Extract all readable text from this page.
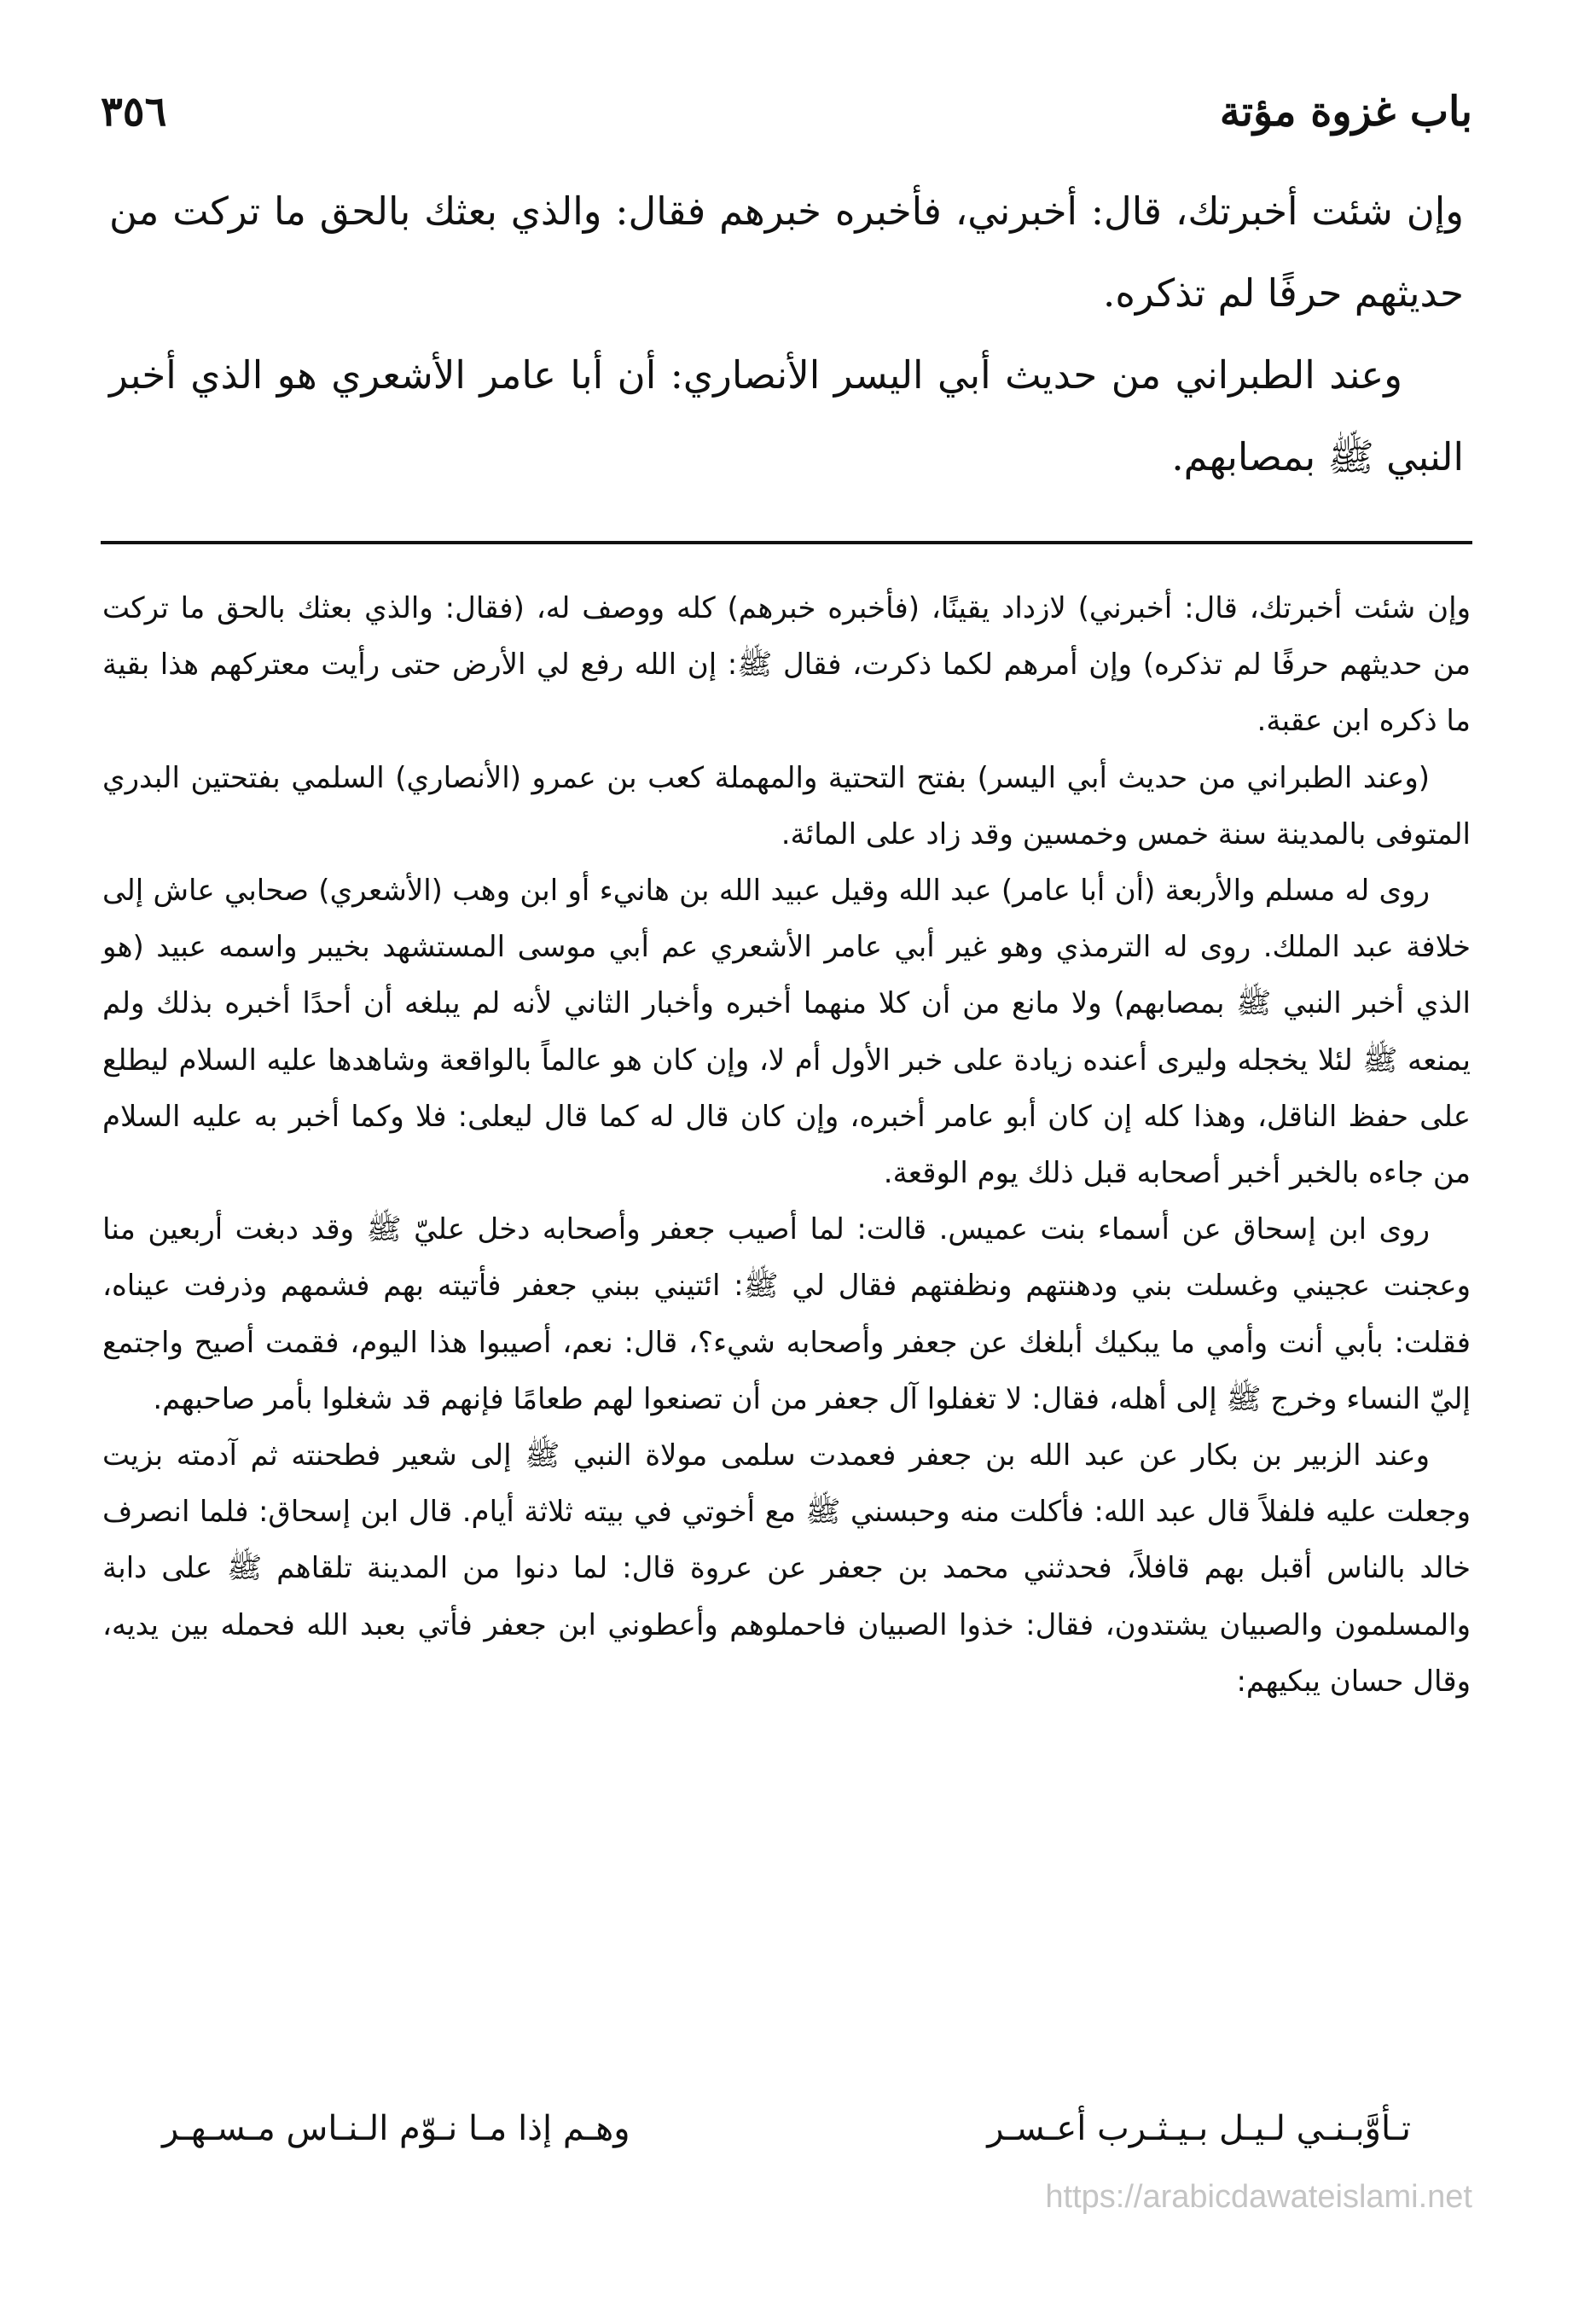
٣٥٦	باب غزوة مؤتة

وإن شئت أخبرتك، قال: أخبرني، فأخبره خبرهم فقال: والذي بعثك بالحق ما تركت من حديثهم حرفًا لم تذكره.

وعند الطبراني من حديث أبي اليسر الأنصاري: أن أبا عامر الأشعري هو الذي أخبر النبي ﷺ بمصابهم.

وإن شئت أخبرتك، قال: أخبرني) لازداد يقينًا، (فأخبره خبرهم) كله ووصف له، (فقال: والذي بعثك بالحق ما تركت من حديثهم حرفًا لم تذكره) وإن أمرهم لكما ذكرت، فقال ﷺ: إن الله رفع لي الأرض حتى رأيت معتركهم هذا بقية ما ذكره ابن عقبة.

(وعند الطبراني من حديث أبي اليسر) بفتح التحتية والمهملة كعب بن عمرو (الأنصاري) السلمي بفتحتين البدري المتوفى بالمدينة سنة خمس وخمسين وقد زاد على المائة.

روى له مسلم والأربعة (أن أبا عامر) عبد الله وقيل عبيد الله بن هانيء أو ابن وهب (الأشعري) صحابي عاش إلى خلافة عبد الملك. روى له الترمذي وهو غير أبي عامر الأشعري عم أبي موسى المستشهد بخيبر واسمه عبيد (هو الذي أخبر النبي ﷺ بمصابهم) ولا مانع من أن كلا منهما أخبره وأخبار الثاني لأنه لم يبلغه أن أحدًا أخبره بذلك ولم يمنعه ﷺ لئلا يخجله وليرى أعنده زيادة على خبر الأول أم لا، وإن كان هو عالماً بالواقعة وشاهدها عليه السلام ليطلع على حفظ الناقل، وهذا كله إن كان أبو عامر أخبره، وإن كان قال له كما قال ليعلى: فلا وكما أخبر به عليه السلام من جاءه بالخبر أخبر أصحابه قبل ذلك يوم الوقعة.

روى ابن إسحاق عن أسماء بنت عميس. قالت: لما أصيب جعفر وأصحابه دخل عليّ ﷺ وقد دبغت أربعين منا وعجنت عجيني وغسلت بني ودهنتهم ونظفتهم فقال لي ﷺ: ائتيني ببني جعفر فأتيته بهم فشمهم وذرفت عيناه، فقلت: بأبي أنت وأمي ما يبكيك أبلغك عن جعفر وأصحابه شيء؟، قال: نعم، أصيبوا هذا اليوم، فقمت أصيح واجتمع إليّ النساء وخرج ﷺ إلى أهله، فقال: لا تغفلوا آل جعفر من أن تصنعوا لهم طعامًا فإنهم قد شغلوا بأمر صاحبهم.

وعند الزبير بن بكار عن عبد الله بن جعفر فعمدت سلمى مولاة النبي ﷺ إلى شعير فطحنته ثم آدمته بزيت وجعلت عليه فلفلاً قال عبد الله: فأكلت منه وحبسني ﷺ مع أخوتي في بيته ثلاثة أيام. قال ابن إسحاق: فلما انصرف خالد بالناس أقبل بهم قافلاً، فحدثني محمد بن جعفر عن عروة قال: لما دنوا من المدينة تلقاهم ﷺ على دابة والمسلمون والصبيان يشتدون، فقال: خذوا الصبيان فاحملوهم وأعطوني ابن جعفر فأتي بعبد الله فحمله بين يديه، وقال حسان يبكيهم:

تـأوَّبـنـي لـيـل بـيـثـرب أعـسـر
وهـم إذا مـا نـوّم الـنـاس مـسـهـر
https://arabicdawateislami.net
